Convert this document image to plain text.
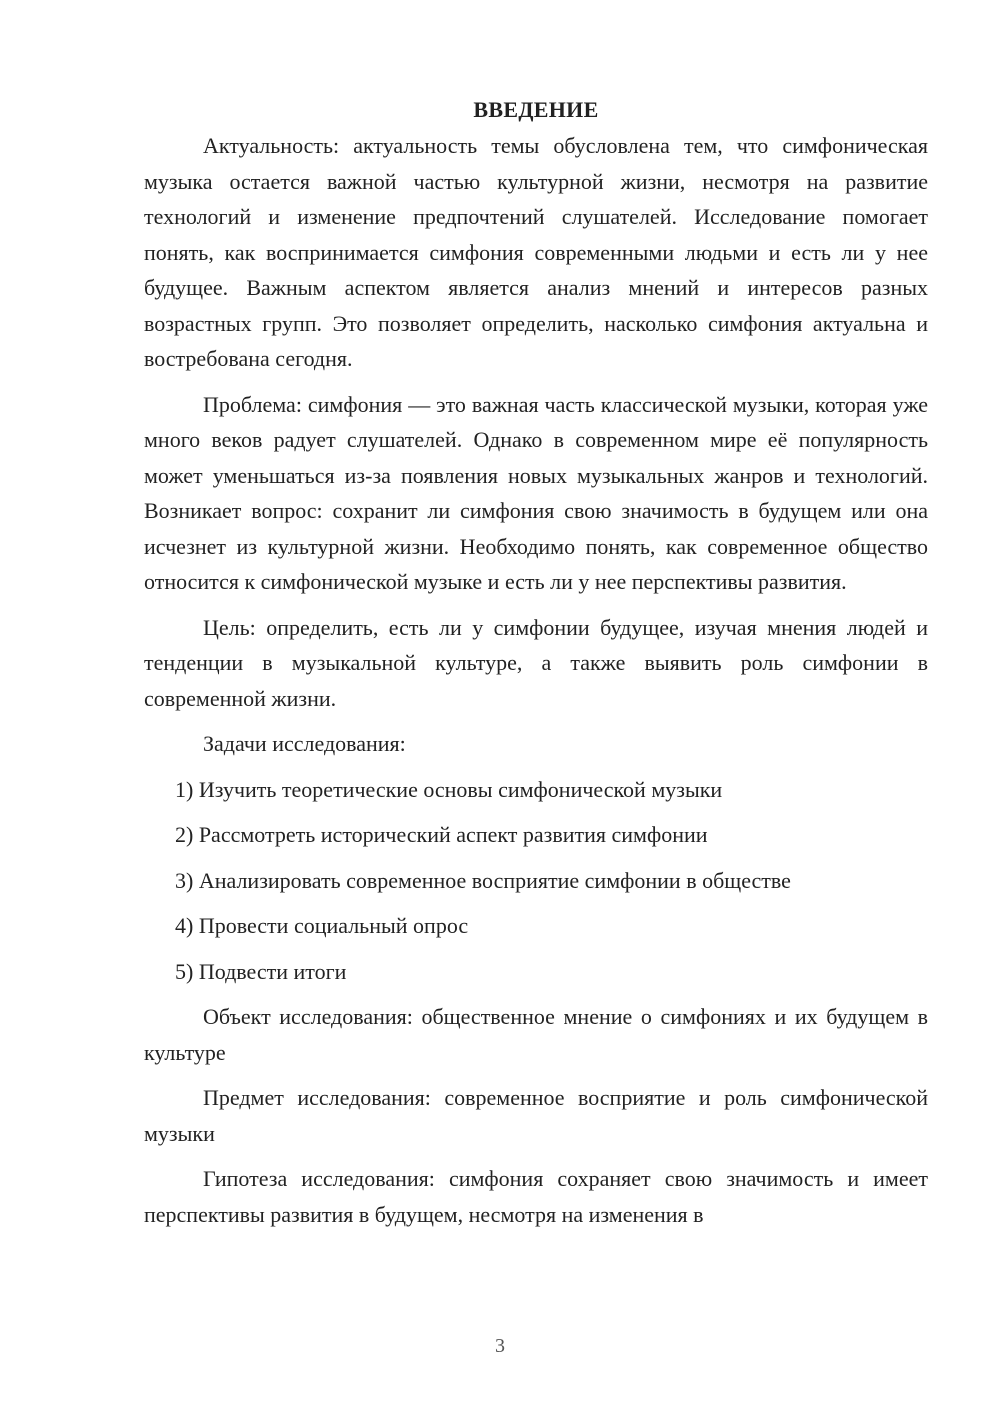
ВВЕДЕНИЕ

Актуальность: актуальность темы обусловлена тем, что симфоническая музыка остается важной частью культурной жизни, несмотря на развитие технологий и изменение предпочтений слушателей. Исследование помогает понять, как воспринимается симфония современными людьми и есть ли у нее будущее. Важным аспектом является анализ мнений и интересов разных возрастных групп. Это позволяет определить, насколько симфония актуальна и востребована сегодня.

Проблема: симфония — это важная часть классической музыки, которая уже много веков радует слушателей. Однако в современном мире её популярность может уменьшаться из-за появления новых музыкальных жанров и технологий. Возникает вопрос: сохранит ли симфония свою значимость в будущем или она исчезнет из культурной жизни. Необходимо понять, как современное общество относится к симфонической музыке и есть ли у нее перспективы развития.

Цель: определить, есть ли у симфонии будущее, изучая мнения людей и тенденции в музыкальной культуре, а также выявить роль симфонии в современной жизни.

Задачи исследования:
1) Изучить теоретические основы симфонической музыки
2) Рассмотреть исторический аспект развития симфонии
3) Анализировать современное восприятие симфонии в обществе
4) Провести социальный опрос
5) Подвести итоги

Объект исследования: общественное мнение о симфониях и их будущем в культуре

Предмет исследования: современное восприятие и роль симфонической музыки

Гипотеза исследования: симфония сохраняет свою значимость и имеет перспективы развития в будущем, несмотря на изменения в

3
